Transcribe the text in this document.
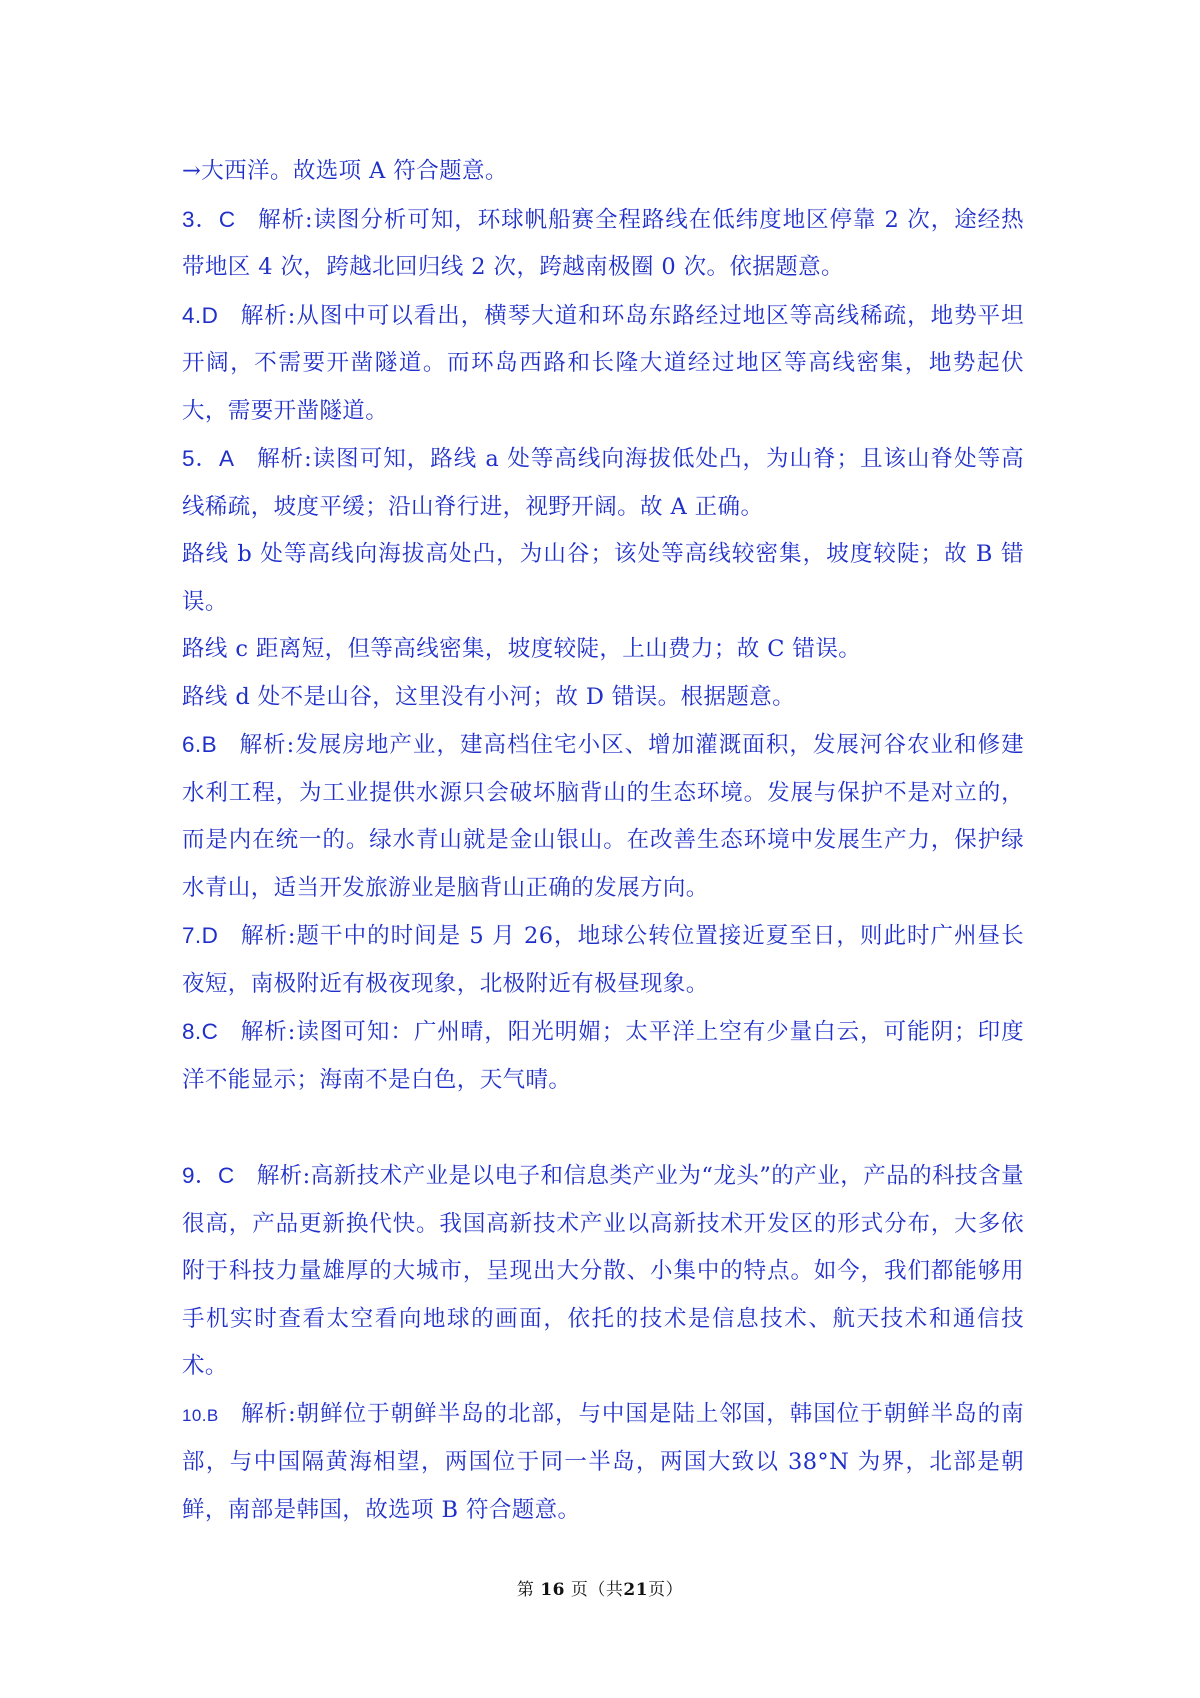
→大西洋。故选项 A 符合题意。

3．C 解析:读图分析可知，环球帆船赛全程路线在低纬度地区停靠 2 次，途经热带地区 4 次，跨越北回归线 2 次，跨越南极圈 0 次。依据题意。

4.D 解析:从图中可以看出，横琴大道和环岛东路经过地区等高线稀疏，地势平坦开阔，不需要开凿隧道。而环岛西路和长隆大道经过地区等高线密集，地势起伏大，需要开凿隧道。

5．A 解析:读图可知，路线 a 处等高线向海拔低处凸，为山脊；且该山脊处等高线稀疏，坡度平缓；沿山脊行进，视野开阔。故 A 正确。

路线 b 处等高线向海拔高处凸，为山谷；该处等高线较密集，坡度较陡；故 B 错误。

路线 c 距离短，但等高线密集，坡度较陡，上山费力；故 C 错误。

路线 d 处不是山谷，这里没有小河；故 D 错误。根据题意。

6.B 解析:发展房地产业，建高档住宅小区、增加灌溉面积，发展河谷农业和修建水利工程，为工业提供水源只会破坏脑背山的生态环境。发展与保护不是对立的，而是内在统一的。绿水青山就是金山银山。在改善生态环境中发展生产力，保护绿水青山，适当开发旅游业是脑背山正确的发展方向。

7.D 解析:题干中的时间是 5 月 26，地球公转位置接近夏至日，则此时广州昼长夜短，南极附近有极夜现象，北极附近有极昼现象。

8.C 解析:读图可知：广州晴，阳光明媚；太平洋上空有少量白云，可能阴；印度洋不能显示；海南不是白色，天气晴。

9．C 解析:高新技术产业是以电子和信息类产业为“龙头”的产业，产品的科技含量很高，产品更新换代快。我国高新技术产业以高新技术开发区的形式分布，大多依附于科技力量雄厚的大城市，呈现出大分散、小集中的特点。如今，我们都能够用手机实时查看太空看向地球的画面，依托的技术是信息技术、航天技术和通信技术。

10.B 解析:朝鲜位于朝鲜半岛的北部，与中国是陆上邻国，韩国位于朝鲜半岛的南部，与中国隔黄海相望，两国位于同一半岛，两国大致以 38°N 为界，北部是朝鲜，南部是韩国，故选项 B 符合题意。

第 16 页（共21页）
